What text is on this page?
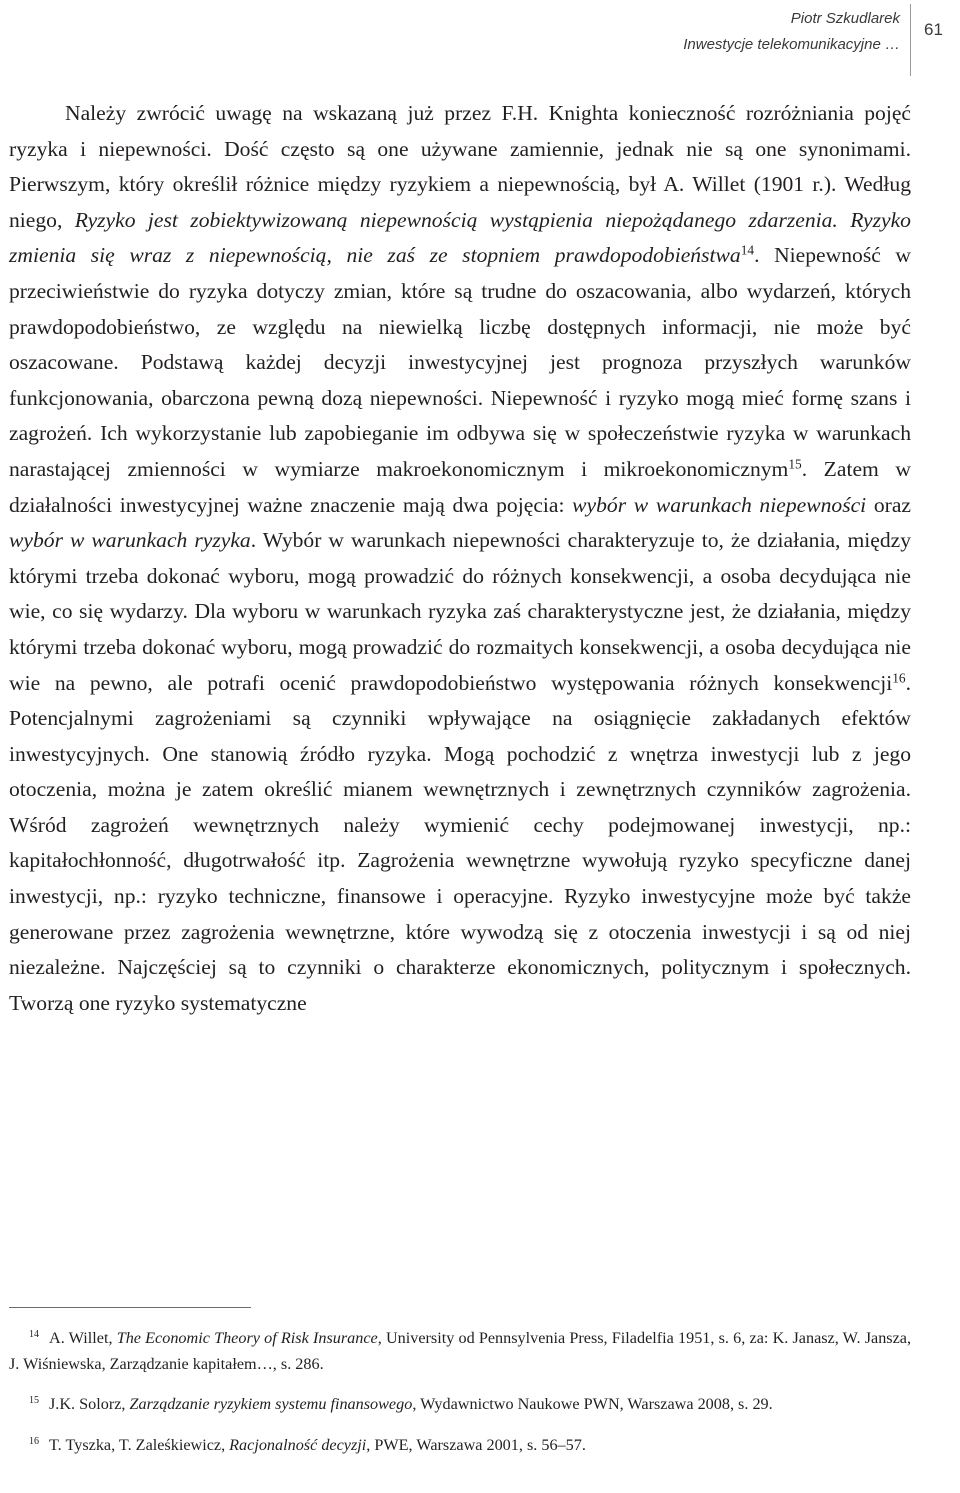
Piotr Szkudlarek
Inwestycje telekomunikacyjne …
61

Należy zwrócić uwagę na wskazaną już przez F.H. Knighta konieczność rozróżniania pojęć ryzyka i niepewności. Dość często są one używane zamiennie, jednak nie są one synonimami. Pierwszym, który określił różnice między ryzykiem a niepewnością, był A. Willet (1901 r.). Według niego, Ryzyko jest zobiektywizowaną niepewnością wystąpienia niepożądanego zdarzenia. Ryzyko zmienia się wraz z niepewnością, nie zaś ze stopniem prawdopodobieństwa$^{14}$. Niepewność w przeciwieństwie do ryzyka dotyczy zmian, które są trudne do oszacowania, albo wydarzeń, których prawdopodobieństwo, ze względu na niewielką liczbę dostępnych informacji, nie może być oszacowane. Podstawą każdej decyzji inwestycyjnej jest prognoza przyszłych warunków funkcjonowania, obarczona pewną dozą niepewności. Niepewność i ryzyko mogą mieć formę szans i zagrożeń. Ich wykorzystanie lub zapobieganie im odbywa się w społeczeństwie ryzyka w warunkach narastającej zmienności w wymiarze makroekonomicznym i mikroekonomicznym$^{15}$. Zatem w działalności inwestycyjnej ważne znaczenie mają dwa pojęcia: wybór w warunkach niepewności oraz wybór w warunkach ryzyka. Wybór w warunkach niepewności charakteryzuje to, że działania, między którymi trzeba dokonać wyboru, mogą prowadzić do różnych konsekwencji, a osoba decydująca nie wie, co się wydarzy. Dla wyboru w warunkach ryzyka zaś charakterystyczne jest, że działania, między którymi trzeba dokonać wyboru, mogą prowadzić do rozmaitych konsekwencji, a osoba decydująca nie wie na pewno, ale potrafi ocenić prawdopodobieństwo występowania różnych konsekwencji$^{16}$. Potencjalnymi zagrożeniami są czynniki wpływające na osiągnięcie zakładanych efektów inwestycyjnych. One stanowią źródło ryzyka. Mogą pochodzić z wnętrza inwestycji lub z jego otoczenia, można je zatem określić mianem wewnętrznych i zewnętrznych czynników zagrożenia. Wśród zagrożeń wewnętrznych należy wymienić cechy podejmowanej inwestycji, np.: kapitałochłonność, długotrwałość itp. Zagrożenia wewnętrzne wywołują ryzyko specyficzne danej inwestycji, np.: ryzyko techniczne, finansowe i operacyjne. Ryzyko inwestycyjne może być także generowane przez zagrożenia wewnętrzne, które wywodzą się z otoczenia inwestycji i są od niej niezależne. Najczęściej są to czynniki o charakterze ekonomicznych, politycznym i społecznych. Tworzą one ryzyko systematyczne

$^{14}$ A. Willet, The Economic Theory of Risk Insurance, University od Pennsylvenia Press, Filadelfia 1951, s. 6, za: K. Janasz, W. Jansza, J. Wiśniewska, Zarządzanie kapitałem…, s. 286.

$^{15}$ J.K. Solorz, Zarządzanie ryzykiem systemu finansowego, Wydawnictwo Naukowe PWN, Warszawa 2008, s. 29.

$^{16}$ T. Tyszka, T. Zaleśkiewicz, Racjonalność decyzji, PWE, Warszawa 2001, s. 56–57.
